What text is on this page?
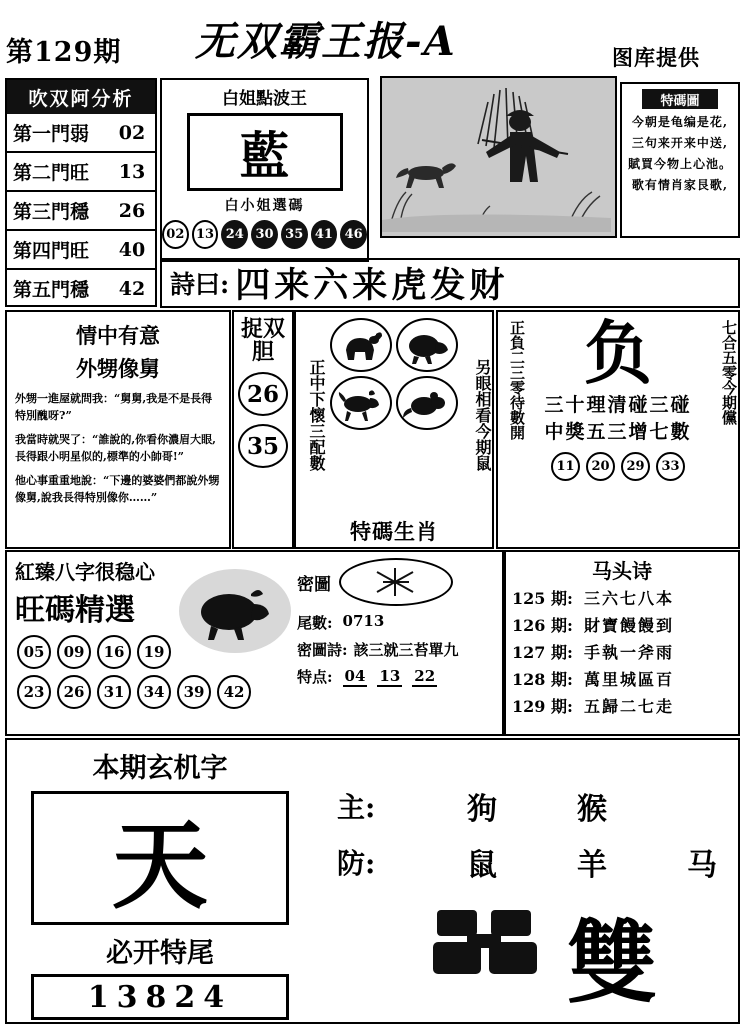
第129期 无双霸王报-A	图库提供
吹双阿分析
第一門弱	02
第二門旺	13
第三門穩	26
第四門旺	40
第五門穩	42
白姐點波王
藍
白小姐選碼
02 13 24 30 35 41 46
特碼圖
今朝是龟编是花,
三句来开来中送,
賦買今物上心池。
歌有情肖家艮歌,
詩曰: 四来六来虎发财
情中有意
外甥像舅

外甥一進屋就問我：“舅舅,我是不是長得特別醜呀?”

我當時就哭了：“誰說的,你看你濃眉大眼,長得跟小明星似的,標準的小帥哥!”

他心事重重地說：“下邊的婆婆們都說外甥像舅,說我長得特別像你……”

捉双胆
26
35	正中下懷三配數	另眼相看今期鼠
特碼生肖
正負二三零待數開 负
三十理清碰三碰
中獎五三增七數
11	20	29	33
七合五零今期儻
紅臻八字很稳心
旺碼精選
05	09	16	19
23	26	31	34	39	42
密圖
尾數: 0713
密圖詩: 該三就三苔單九
特点: 04 13 22
马头诗
125 期: 三六七八本
126 期: 財寶饅饅到
127 期: 手執一斧雨
128 期: 萬里城區百
129 期: 五歸二七走
本期玄机字
天
必开特尾
13824
主:	狗	猴
防:	鼠	羊	马
雙
